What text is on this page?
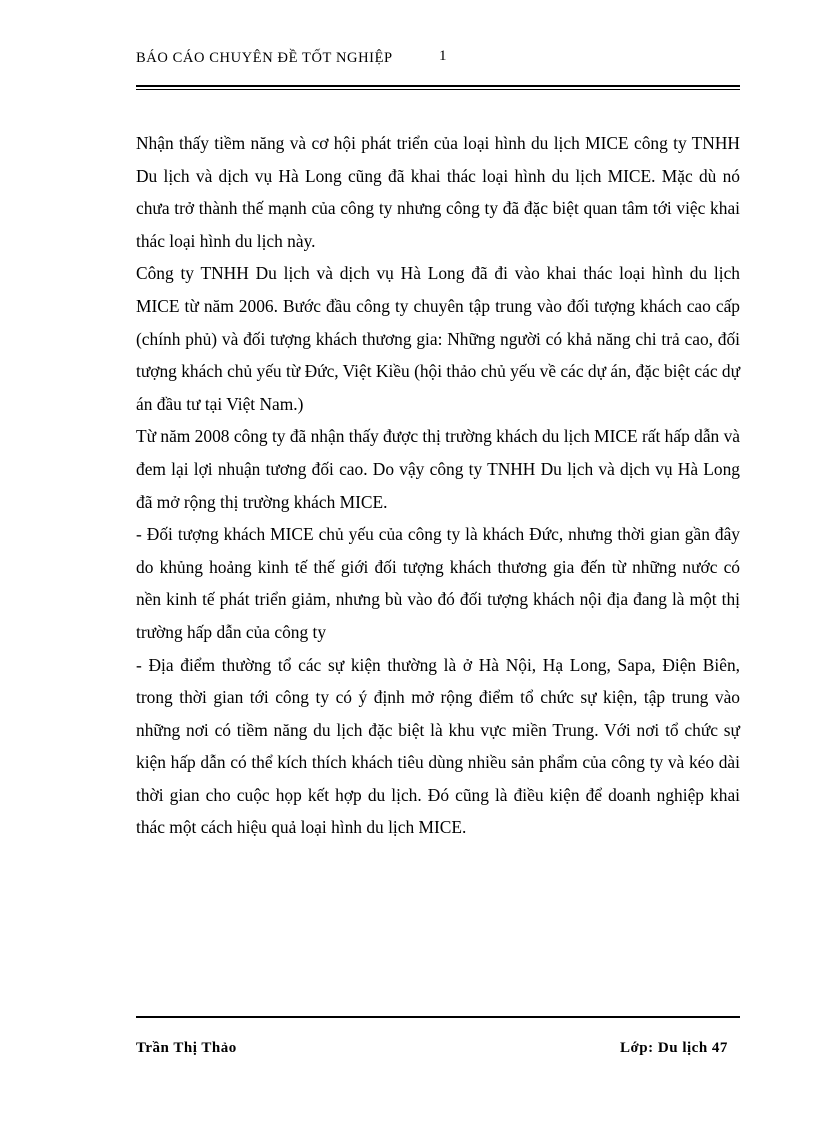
BÁO CÁO CHUYÊN ĐỀ TỐT NGHIỆP	1

Nhận thấy tiềm năng và cơ hội phát triển của loại hình du lịch MICE công ty TNHH Du lịch và dịch vụ Hà Long cũng đã khai thác loại hình du lịch MICE. Mặc dù nó chưa trở thành thế mạnh của công ty nhưng công ty đã đặc biệt quan tâm tới việc khai thác loại hình du lịch này.

Công ty TNHH Du lịch và dịch vụ Hà Long đã đi vào khai thác loại hình du lịch MICE từ năm 2006. Bước đầu công ty chuyên tập trung vào đối tượng khách cao cấp (chính phủ) và đối tượng khách thương gia: Những người có khả năng chi trả cao, đối tượng khách chủ yếu từ Đức, Việt Kiều (hội thảo chủ yếu về các dự án, đặc biệt các dự án đầu tư tại Việt Nam.)

Từ năm 2008 công ty đã nhận thấy được thị trường khách du lịch MICE rất hấp dẫn và đem lại lợi nhuận tương đối cao. Do vậy công ty TNHH Du lịch và dịch vụ Hà Long đã mở rộng thị trường khách MICE.

- Đối tượng khách MICE chủ yếu của công ty là khách Đức, nhưng thời gian gần đây do khủng hoảng kinh tế thế giới đối tượng khách thương gia đến từ những nước có nền kinh tế phát triển giảm, nhưng bù vào đó đối tượng khách nội địa đang là một thị trường hấp dẫn của công ty

- Địa điểm thường tổ các sự kiện thường là ở Hà Nội, Hạ Long, Sapa, Điện Biên, trong thời gian tới công ty có ý định mở rộng điểm tổ chức sự kiện, tập trung vào những nơi có tiềm năng du lịch đặc biệt là khu vực miền Trung. Với nơi tổ chức sự kiện hấp dẫn có thể kích thích khách tiêu dùng nhiều sản phẩm của công ty và kéo dài thời gian cho cuộc họp kết hợp du lịch. Đó cũng là điều kiện để doanh nghiệp khai thác một cách hiệu quả loại hình du lịch MICE.

Trần Thị Thảo	Lớp: Du lịch 47
